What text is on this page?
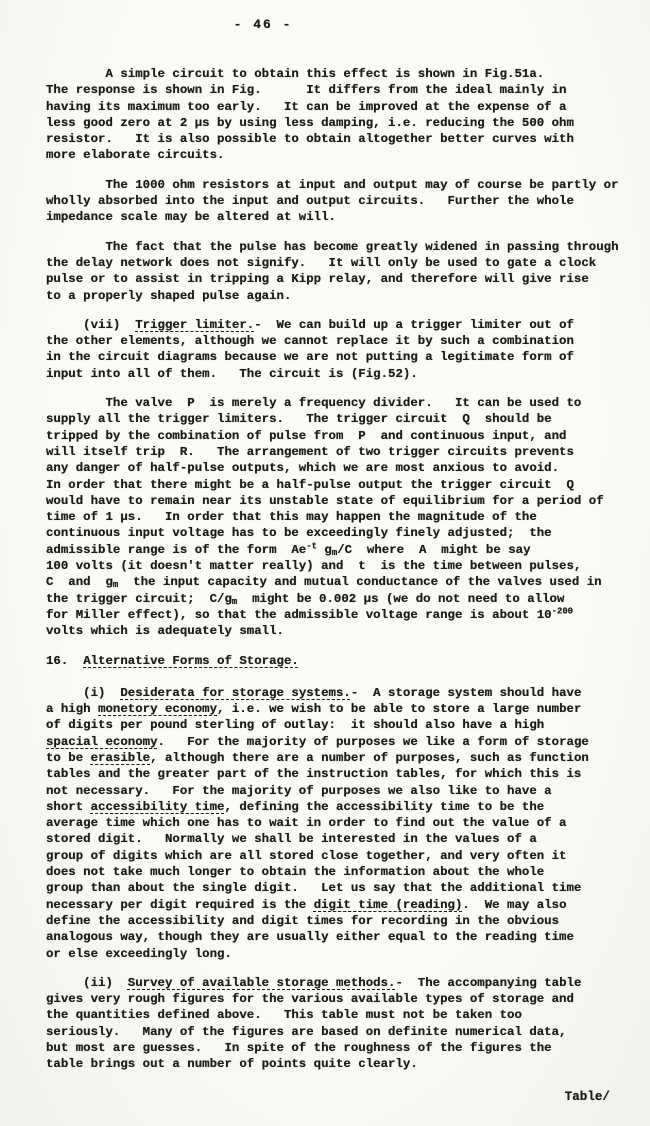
- 46 -
A simple circuit to obtain this effect is shown in Fig.51a.
The response is shown in Fig.      It differs from the ideal mainly in
having its maximum too early.   It can be improved at the expense of a
less good zero at 2 μs by using less damping, i.e. reducing the 500 ohm
resistor.   It is also possible to obtain altogether better curves with
more elaborate circuits.
The 1000 ohm resistors at input and output may of course be partly or
wholly absorbed into the input and output circuits.   Further the whole
impedance scale may be altered at will.
The fact that the pulse has become greatly widened in passing through
the delay network does not signify.   It will only be used to gate a clock
pulse or to assist in tripping a Kipp relay, and therefore will give rise
to a properly shaped pulse again.
(vii)  Trigger limiter.-  We can build up a trigger limiter out of
the other elements, although we cannot replace it by such a combination
in the circuit diagrams because we are not putting a legitimate form of
input into all of them.   The circuit is (Fig.52).
The valve  P  is merely a frequency divider.   It can be used to
supply all the trigger limiters.   The trigger circuit  Q  should be
tripped by the combination of pulse from  P  and continuous input, and
will itself trip  R.   The arrangement of two trigger circuits prevents
any danger of half-pulse outputs, which we are most anxious to avoid.
In order that there might be a half-pulse output the trigger circuit  Q
would have to remain near its unstable state of equilibrium for a period of
time of 1 μs.   In order that this may happen the magnitude of the
continuous input voltage has to be exceedingly finely adjusted;  the
admissible range is of the form  $Ae^{-t}$ $g_m/C$  where  A  might be say
100 volts (it doesn't matter really) and  t  is the time between pulses,
C  and  $g_m$  the input capacity and mutual conductance of the valves used in
the trigger circuit;  $C/g_m$  might be 0.002 μs (we do not need to allow
for Miller effect), so that the admissible voltage range is about $10^{-200}$
volts which is adequately small.
16.  Alternative Forms of Storage.
(i)  Desiderata for storage systems.-  A storage system should have
a high monetory economy, i.e. we wish to be able to store a large number
of digits per pound sterling of outlay:  it should also have a high
spacial economy.   For the majority of purposes we like a form of storage
to be erasible, although there are a number of purposes, such as function
tables and the greater part of the instruction tables, for which this is
not necessary.   For the majority of purposes we also like to have a
short accessibility time, defining the accessibility time to be the
average time which one has to wait in order to find out the value of a
stored digit.   Normally we shall be interested in the values of a
group of digits which are all stored close together, and very often it
does not take much longer to obtain the information about the whole
group than about the single digit.   Let us say that the additional time
necessary per digit required is the digit time (reading).  We may also
define the accessibility and digit times for recording in the obvious
analogous way, though they are usually either equal to the reading time
or else exceedingly long.
(ii)  Survey of available storage methods.-  The accompanying table
gives very rough figures for the various available types of storage and
the quantities defined above.   This table must not be taken too
seriously.   Many of the figures are based on definite numerical data,
but most are guesses.   In spite of the roughness of the figures the
table brings out a number of points quite clearly.
Table/
